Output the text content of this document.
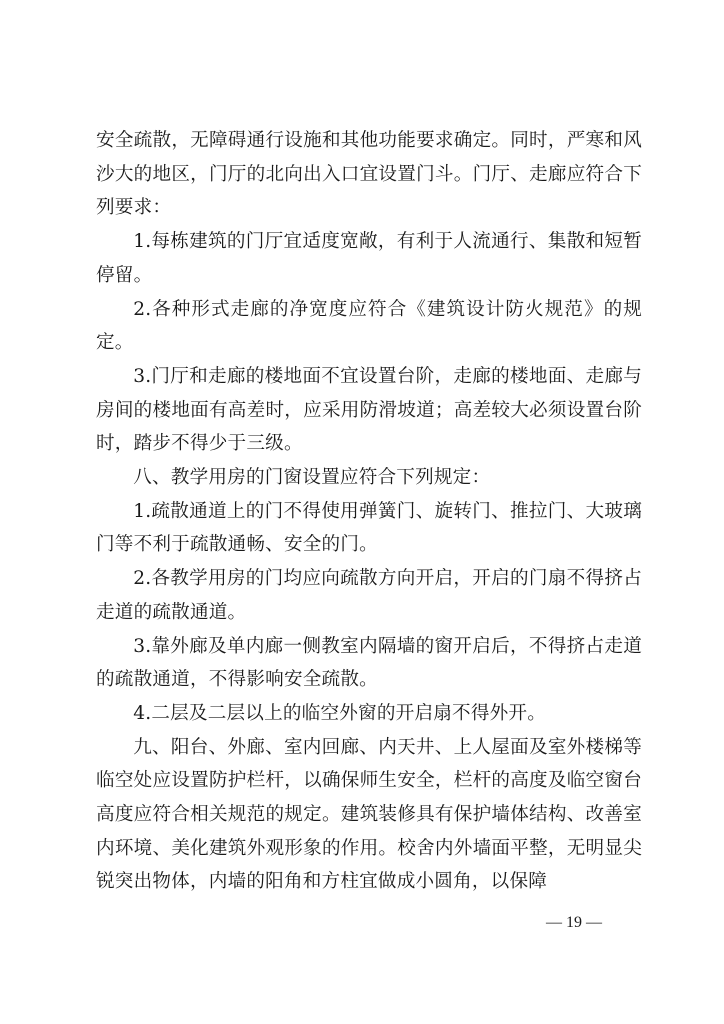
安全疏散，无障碍通行设施和其他功能要求确定。同时，严寒和风沙大的地区，门厅的北向出入口宜设置门斗。门厅、走廊应符合下列要求：

1.每栋建筑的门厅宜适度宽敞，有利于人流通行、集散和短暂停留。

2.各种形式走廊的净宽度应符合《建筑设计防火规范》的规定。

3.门厅和走廊的楼地面不宜设置台阶，走廊的楼地面、走廊与房间的楼地面有高差时，应采用防滑坡道；高差较大必须设置台阶时，踏步不得少于三级。

八、教学用房的门窗设置应符合下列规定：

1.疏散通道上的门不得使用弹簧门、旋转门、推拉门、大玻璃门等不利于疏散通畅、安全的门。

2.各教学用房的门均应向疏散方向开启，开启的门扇不得挤占走道的疏散通道。

3.靠外廊及单内廊一侧教室内隔墙的窗开启后，不得挤占走道的疏散通道，不得影响安全疏散。

4.二层及二层以上的临空外窗的开启扇不得外开。

九、阳台、外廊、室内回廊、内天井、上人屋面及室外楼梯等临空处应设置防护栏杆，以确保师生安全，栏杆的高度及临空窗台高度应符合相关规范的规定。建筑装修具有保护墙体结构、改善室内环境、美化建筑外观形象的作用。校舍内外墙面平整，无明显尖锐突出物体，内墙的阳角和方柱宜做成小圆角，以保障

— 19 —
